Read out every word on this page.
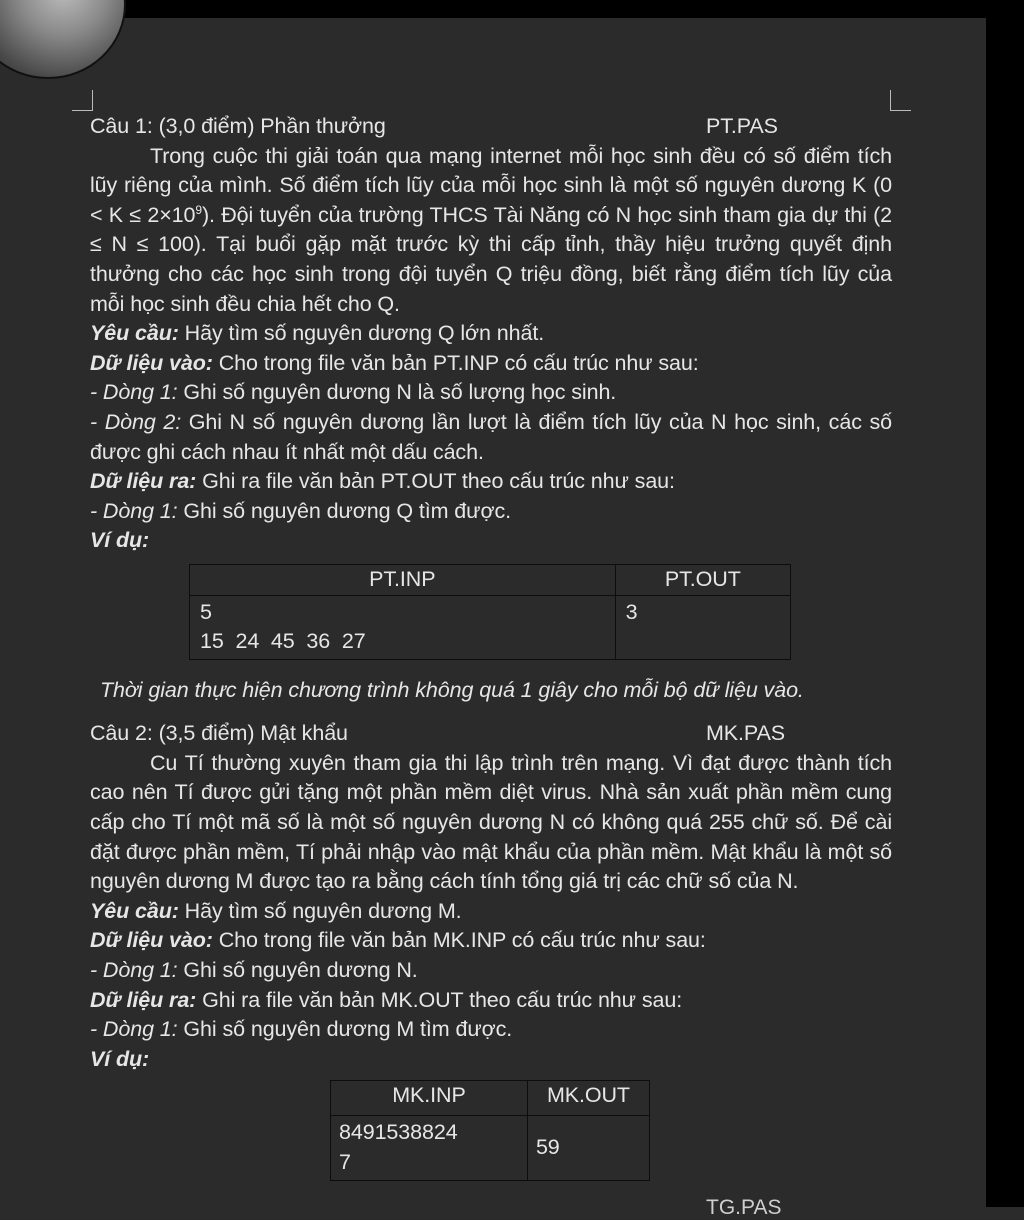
Câu 1: (3,0 điểm) Phần thưởng	PT.PAS

Trong cuộc thi giải toán qua mạng internet mỗi học sinh đều có số điểm tích lũy riêng của mình. Số điểm tích lũy của mỗi học sinh là một số nguyên dương K $(0 < K \le 2\times 10^9)$. Đội tuyển của trường THCS Tài Năng có N học sinh tham gia dự thi (2 ≤ N ≤ 100). Tại buổi gặp mặt trước kỳ thi cấp tỉnh, thầy hiệu trưởng quyết định thưởng cho các học sinh trong đội tuyển Q triệu đồng, biết rằng điểm tích lũy của mỗi học sinh đều chia hết cho Q.

Yêu cầu: Hãy tìm số nguyên dương Q lớn nhất.

Dữ liệu vào: Cho trong file văn bản PT.INP có cấu trúc như sau:

- Dòng 1: Ghi số nguyên dương N là số lượng học sinh.

- Dòng 2: Ghi N số nguyên dương lần lượt là điểm tích lũy của N học sinh, các số được ghi cách nhau ít nhất một dấu cách.

Dữ liệu ra: Ghi ra file văn bản PT.OUT theo cấu trúc như sau:

- Dòng 1: Ghi số nguyên dương Q tìm được.

Ví dụ:

PT.INP	PT.OUT

5
15  24  45  36  27	3

Thời gian thực hiện chương trình không quá 1 giây cho mỗi bộ dữ liệu vào.

Câu 2: (3,5 điểm) Mật khẩu	MK.PAS

Cu Tí thường xuyên tham gia thi lập trình trên mạng. Vì đạt được thành tích cao nên Tí được gửi tặng một phần mềm diệt virus. Nhà sản xuất phần mềm cung cấp cho Tí một mã số là một số nguyên dương N có không quá 255 chữ số. Để cài đặt được phần mềm, Tí phải nhập vào mật khẩu của phần mềm. Mật khẩu là một số nguyên dương M được tạo ra bằng cách tính tổng giá trị các chữ số của N.

Yêu cầu: Hãy tìm số nguyên dương M.

Dữ liệu vào: Cho trong file văn bản MK.INP có cấu trúc như sau:

- Dòng 1: Ghi số nguyên dương N.

Dữ liệu ra: Ghi ra file văn bản MK.OUT theo cấu trúc như sau:

- Dòng 1: Ghi số nguyên dương M tìm được.

Ví dụ:

MK.INP	MK.OUT

8491538824
7	59
TG.PAS
